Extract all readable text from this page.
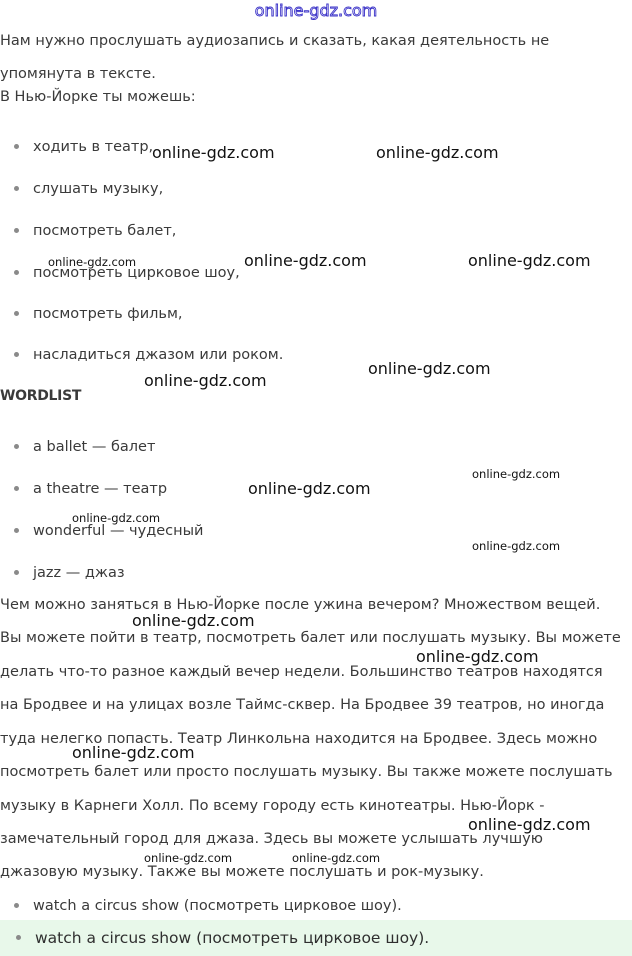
online-gdz.com
Нам нужно прослушать аудиозапись и сказать, какая деятельность не
упомянута в тексте.
В Нью-Йорке ты можешь:
ходить в театр,
слушать музыку,
посмотреть балет,
посмотреть цирковое шоу,
посмотреть фильм,
насладиться джазом или роком.
WORDLIST
a ballet — балет
a theatre — театр
wonderful — чудесный
jazz — джаз
Чем можно заняться в Нью-Йорке после ужина вечером? Множеством вещей.
Вы можете пойти в театр, посмотреть балет или послушать музыку. Вы можете
делать что-то разное каждый вечер недели. Большинство театров находятся
на Бродвее и на улицах возле Таймс-сквер. На Бродвее 39 театров, но иногда
туда нелегко попасть. Театр Линкольна находится на Бродвее. Здесь можно
посмотреть балет или просто послушать музыку. Вы также можете послушать
музыку в Карнеги Холл. По всему городу есть кинотеатры. Нью-Йорк -
замечательный город для джаза. Здесь вы можете услышать лучшую
джазовую музыку. Также вы можете послушать и рок-музыку.
watch a circus show (посмотреть цирковое шоу).
watch a circus show (посмотреть цирковое шоу).
online-gdz.com	online-gdz.com
online-gdz.com	online-gdz.com	online-gdz.com
online-gdz.com
online-gdz.com
online-gdz.com
online-gdz.com
online-gdz.com
online-gdz.com
online-gdz.com
online-gdz.com
online-gdz.com
online-gdz.com
online-gdz.com	online-gdz.com
